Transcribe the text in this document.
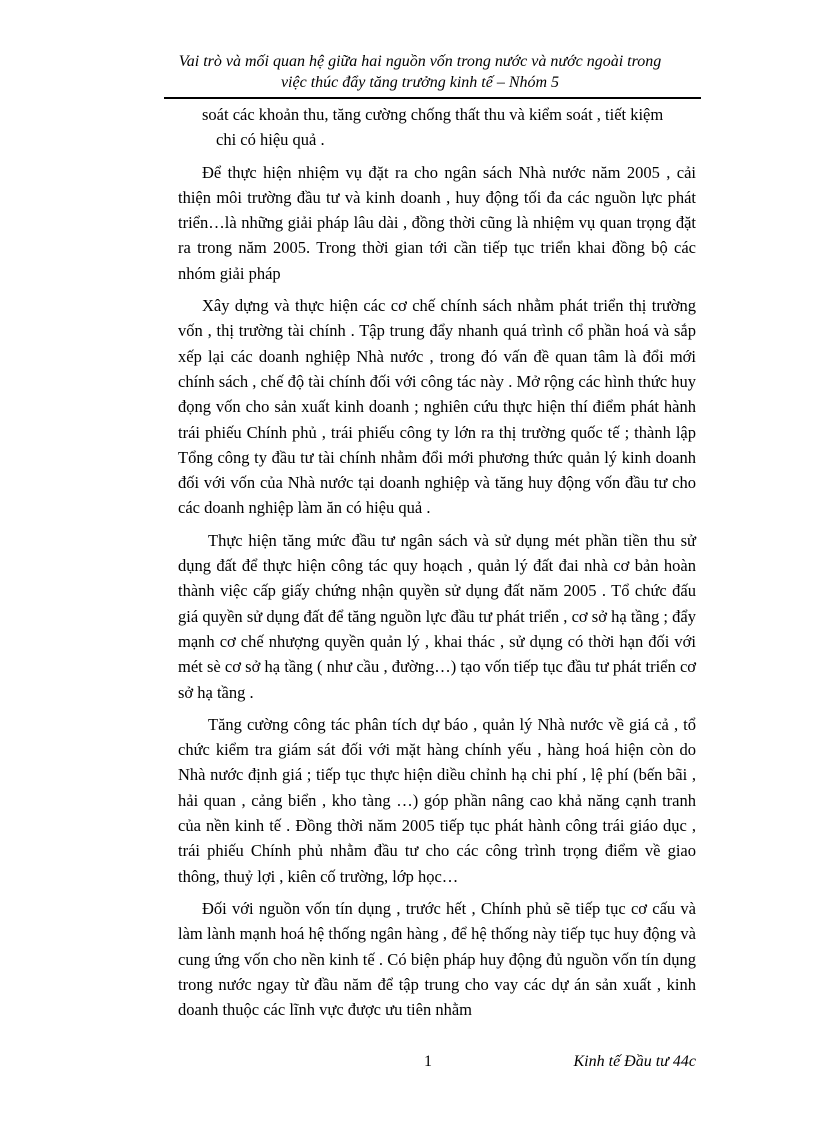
Vai trò và mối quan hệ giữa hai nguồn vốn trong nước và nước ngoài trong
việc thúc đẩy tăng trưởng kinh tế – Nhóm 5

soát các khoản thu, tăng cường chống thất thu và kiểm soát , tiết kiệm
chi có hiệu quả .

Để thực hiện nhiệm vụ đặt ra cho ngân sách Nhà nước năm 2005 , cải thiện môi trường đầu tư và kinh doanh , huy động tối đa các nguồn lực phát triển…là những giải pháp lâu dài , đồng thời cũng là nhiệm vụ quan trọng đặt ra trong năm 2005. Trong thời gian tới cần tiếp tục triển khai đồng bộ các nhóm giải pháp

Xây dựng và thực hiện các cơ chế chính sách nhằm phát triển thị trường vốn , thị trường tài chính . Tập trung đẩy nhanh quá trình cổ phần hoá và sắp xếp lại các doanh nghiệp Nhà nước , trong đó vấn đề quan tâm là đổi mới chính sách , chế độ tài chính đối với công tác này . Mở rộng các hình thức huy đọng vốn cho sản xuất kinh doanh ; nghiên cứu thực hiện thí điểm phát hành trái phiếu Chính phủ , trái phiếu công ty lớn ra thị trường quốc tế ; thành lập Tổng công ty đầu tư tài chính nhằm đổi mới phương thức quản lý kinh doanh đối với vốn của Nhà nước tại doanh nghiệp và tăng huy động vốn đầu tư cho các doanh nghiệp làm ăn có hiệu quả .

Thực hiện tăng mức đầu tư ngân sách và sử dụng mét phần tiền thu sử dụng đất để thực hiện công tác quy hoạch , quản lý đất đai nhà cơ bản hoàn thành việc cấp giấy chứng nhận quyền sử dụng đất năm 2005 . Tổ chức đấu giá quyền sử dụng đất để tăng nguồn lực đầu tư phát triển , cơ sở hạ tầng ; đẩy mạnh cơ chế nhượng quyền quản lý , khai thác , sử dụng có thời hạn đối với mét sè cơ sở hạ tầng ( như cầu , đường…) tạo vốn tiếp tục đầu tư phát triển cơ sở hạ tầng .

Tăng cường công tác phân tích dự báo , quản lý Nhà nước về giá cả , tổ chức kiểm tra giám sát đối với mặt hàng chính yếu , hàng hoá hiện còn do Nhà nước định giá ; tiếp tục thực hiện diều chỉnh hạ chi phí , lệ phí (bến bãi , hải quan , cảng biển , kho tàng …) góp phần nâng cao khả năng cạnh tranh của nền kinh tế . Đồng thời năm 2005 tiếp tục phát hành công trái giáo dục , trái phiếu Chính phủ nhằm đầu tư cho các công trình trọng điểm về giao thông, thuỷ lợi , kiên cố trường, lớp học…

Đối với nguồn vốn tín dụng , trước hết , Chính phủ sẽ tiếp tục cơ cấu và làm lành mạnh hoá hệ thống ngân hàng , để hệ thống này tiếp tục huy động và cung ứng vốn cho nền kinh tế . Có biện pháp huy động đủ nguồn vốn tín dụng trong nước ngay từ đầu năm để tập trung cho vay các dự án sản xuất , kinh doanh thuộc các lĩnh vực được ưu tiên nhằm

1	Kinh tế Đầu tư 44c
